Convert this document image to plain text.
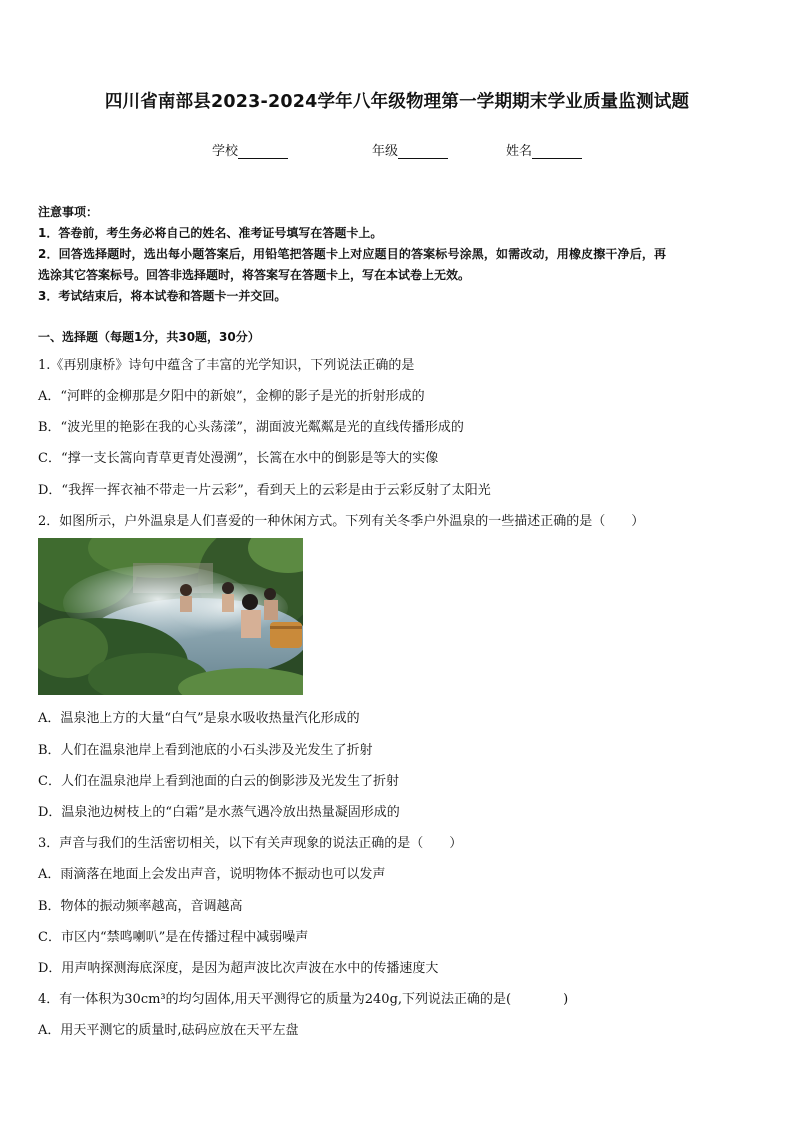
四川省南部县2023-2024学年八年级物理第一学期期末学业质量监测试题
学校	年级	姓名
注意事项：
1．答卷前，考生务必将自己的姓名、准考证号填写在答题卡上。
2．回答选择题时，选出每小题答案后，用铅笔把答题卡上对应题目的答案标号涂黑，如需改动，用橡皮擦干净后，再
选涂其它答案标号。回答非选择题时，将答案写在答题卡上，写在本试卷上无效。
3．考试结束后，将本试卷和答题卡一并交回。
一、选择题（每题1分，共30题，30分）
1.《再别康桥》诗句中蕴含了丰富的光学知识，下列说法正确的是
A．“河畔的金柳那是夕阳中的新娘”，金柳的影子是光的折射形成的
B．“波光里的艳影在我的心头荡漾”，湖面波光粼粼是光的直线传播形成的
C．“撑一支长篙向青草更青处漫溯”，长篙在水中的倒影是等大的实像
D．“我挥一挥衣袖不带走一片云彩”，看到天上的云彩是由于云彩反射了太阳光
2．如图所示，户外温泉是人们喜爱的一种休闲方式。下列有关冬季户外温泉的一些描述正确的是（　　）
A．温泉池上方的大量“白气”是泉水吸收热量汽化形成的
B．人们在温泉池岸上看到池底的小石头涉及光发生了折射
C．人们在温泉池岸上看到池面的白云的倒影涉及光发生了折射
D．温泉池边树枝上的“白霜”是水蒸气遇冷放出热量凝固形成的
3．声音与我们的生活密切相关，以下有关声现象的说法正确的是（　　）
A．雨滴落在地面上会发出声音，说明物体不振动也可以发声
B．物体的振动频率越高，音调越高
C．市区内“禁鸣喇叭”是在传播过程中减弱噪声
D．用声呐探测海底深度，是因为超声波比次声波在水中的传播速度大
4．有一体积为30cm³的均匀固体,用天平测得它的质量为240g,下列说法正确的是(　　　　)
A．用天平测它的质量时,砝码应放在天平左盘
